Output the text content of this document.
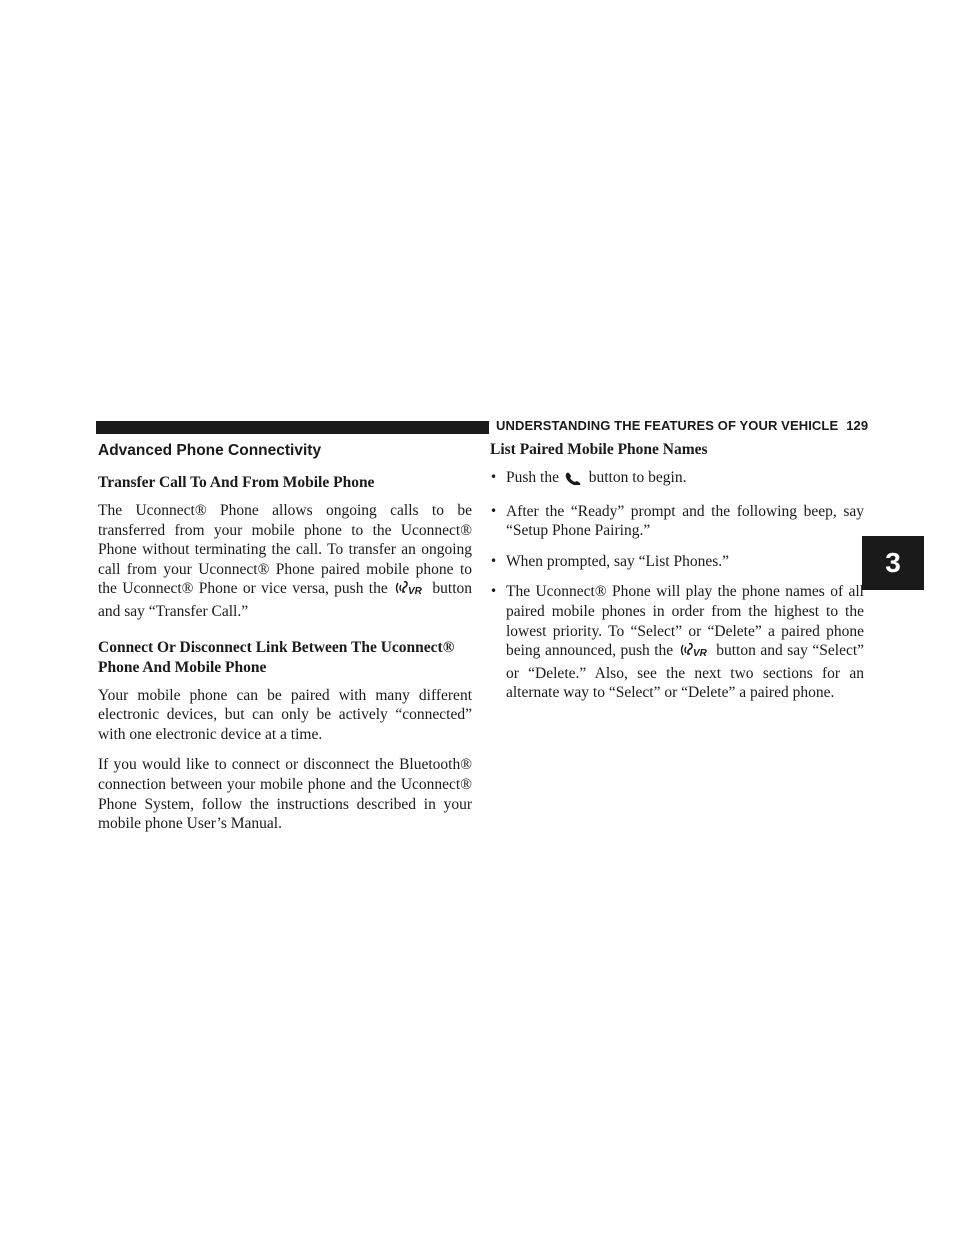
UNDERSTANDING THE FEATURES OF YOUR VEHICLE 129
3
Advanced Phone Connectivity
Transfer Call To And From Mobile Phone

The Uconnect® Phone allows ongoing calls to be transferred from your mobile phone to the Uconnect® Phone without terminating the call. To transfer an ongoing call from your Uconnect® Phone paired mobile phone to the Uconnect® Phone or vice versa, push the VR button and say “Transfer Call.”

Connect Or Disconnect Link Between The Uconnect® Phone And Mobile Phone

Your mobile phone can be paired with many different electronic devices, but can only be actively “connected” with one electronic device at a time.

If you would like to connect or disconnect the Bluetooth® connection between your mobile phone and the Uconnect® Phone System, follow the instructions described in your mobile phone User’s Manual.

List Paired Mobile Phone Names
• Push the button to begin.
• After the “Ready” prompt and the following beep, say “Setup Phone Pairing.”
• When prompted, say “List Phones.”
• The Uconnect® Phone will play the phone names of all paired mobile phones in order from the highest to the lowest priority. To “Select” or “Delete” a paired phone being announced, push the VR button and say “Select” or “Delete.” Also, see the next two sections for an alternate way to “Select” or “Delete” a paired phone.
